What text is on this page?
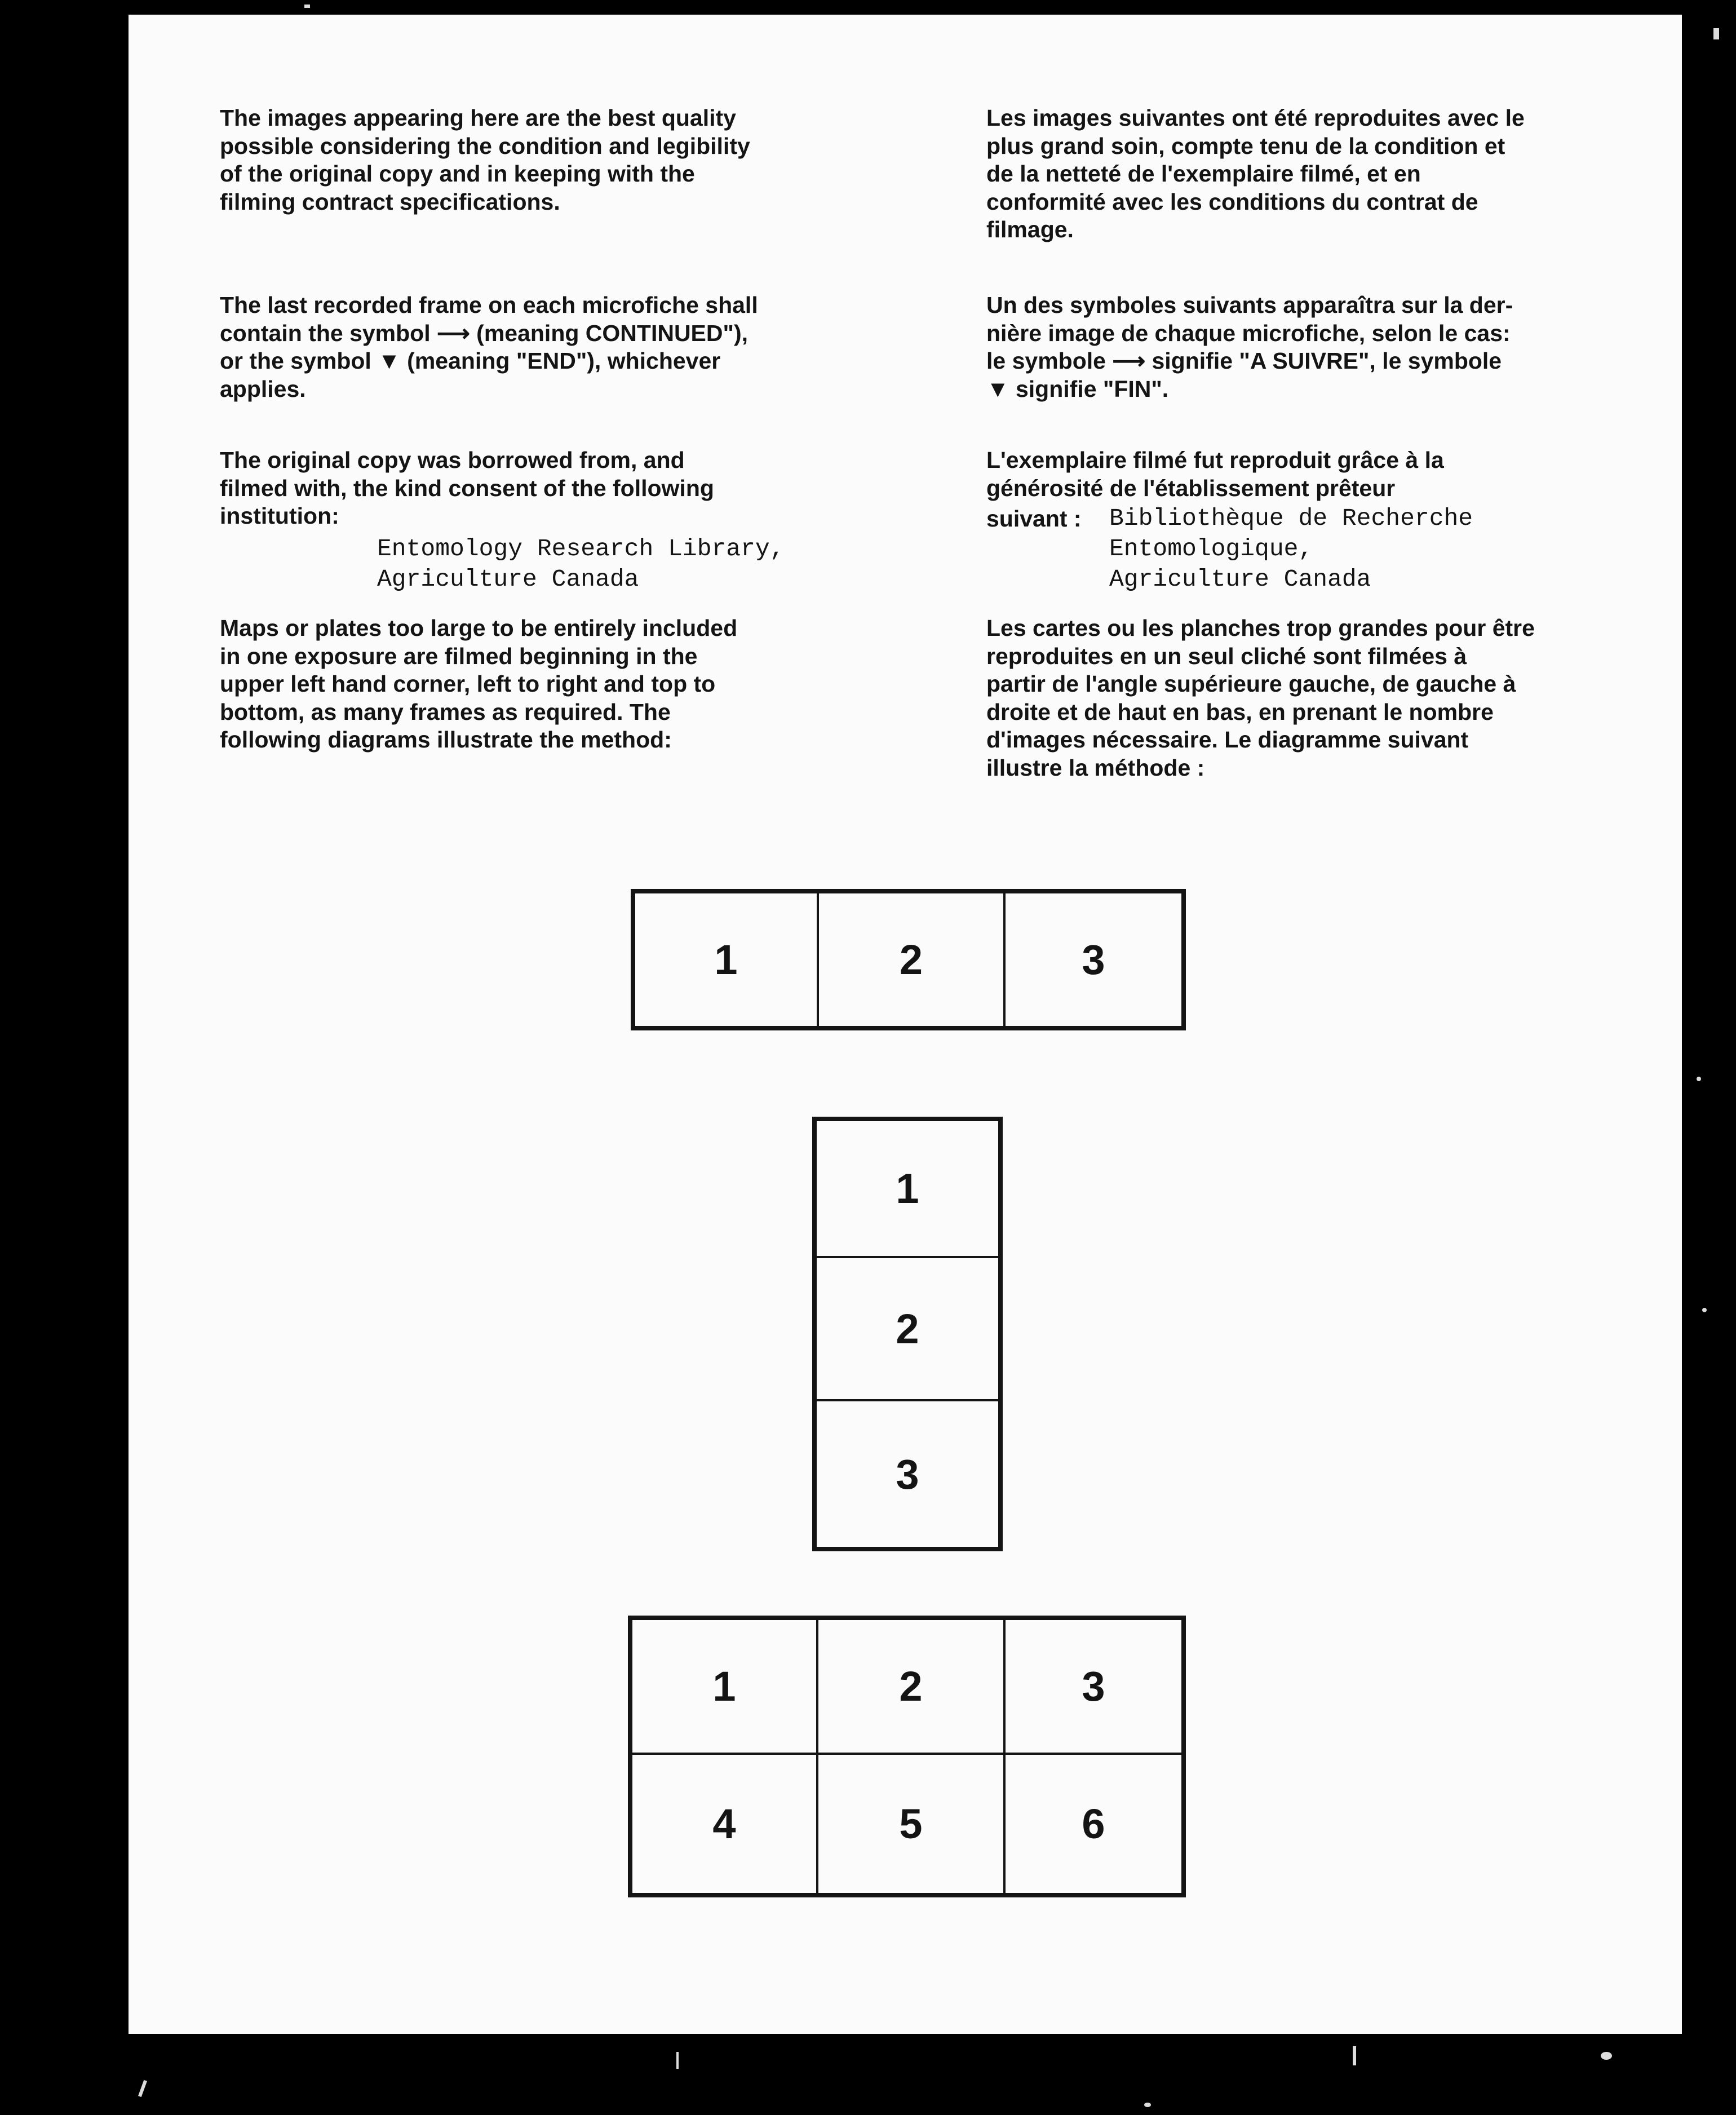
The images appearing here are the best quality
possible considering the condition and legibility
of the original copy and in keeping with the
filming contract specifications.

The last recorded frame on each microfiche shall
contain the symbol ⟶ (meaning CONTINUED"),
or the symbol ▼ (meaning "END"), whichever
applies.

The original copy was borrowed from, and
filmed with, the kind consent of the following
institution:

Entomology Research Library,
Agriculture Canada

Maps or plates too large to be entirely included
in one exposure are filmed beginning in the
upper left hand corner, left to right and top to
bottom, as many frames as required. The
following diagrams illustrate the method:

Les images suivantes ont été reproduites avec le
plus grand soin, compte tenu de la condition et
de la netteté de l'exemplaire filmé, et en
conformité avec les conditions du contrat de
filmage.

Un des symboles suivants apparaîtra sur la der-
nière image de chaque microfiche, selon le cas:
le symbole ⟶ signifie "A SUIVRE", le symbole
▼ signifie "FIN".

L'exemplaire filmé fut reproduit grâce à la
générosité de l'établissement prêteur

suivant : Bibliothèque de Recherche
Entomologique,
Agriculture Canada

Les cartes ou les planches trop grandes pour être
reproduites en un seul cliché sont filmées à
partir de l'angle supérieure gauche, de gauche à
droite et de haut en bas, en prenant le nombre
d'images nécessaire. Le diagramme suivant
illustre la méthode :

1	2	3
1
2
3
1	2	3
4	5	6
